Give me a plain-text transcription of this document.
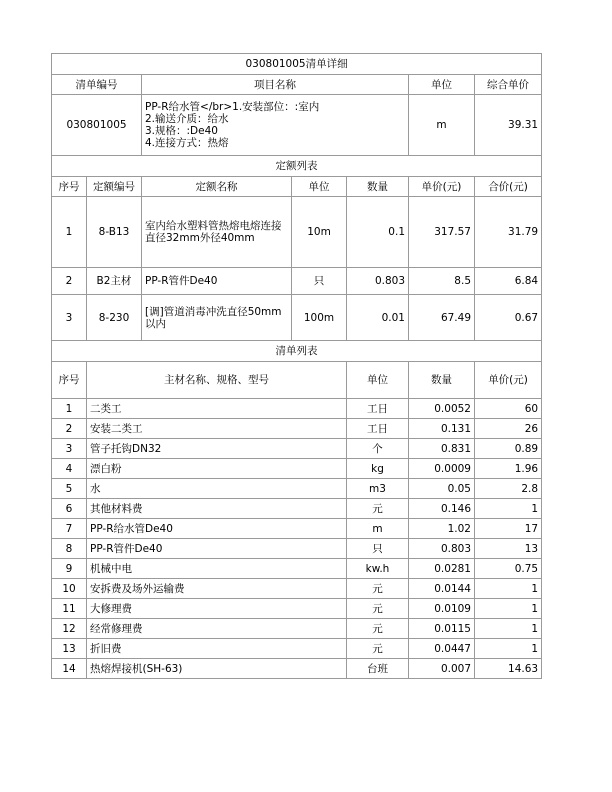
030801005清单详细							
清单编号		项目名称			单位	综合单价	
030801005		PP-R给水管</br>1.安装部位：:室内
2.输送介质：给水
3.规格：:De40
4.连接方式：热熔			m	39.31	
定额列表							
序号	定额编号	定额名称	单位	数量	单价(元)	合价(元)	
1	8-B13	室内给水塑料管热熔电熔连接直径32mm外径40mm	10m	0.1	317.57	31.79	
2	B2主材	PP-R管件De40	只	0.803	8.5	6.84	
3	8-230	[调]管道消毒冲洗直径50mm以内	100m	0.01	67.49	0.67	
清单列表							
序号	主材名称、规格、型号			单位	数量	单价(元)	
1	二类工			工日	0.0052	60	
2	安装二类工			工日	0.131	26	
3	管子托钩DN32			个	0.831	0.89	
4	漂白粉			kg	0.0009	1.96	
5	水			m3	0.05	2.8	
6	其他材料费			元	0.146	1	
7	PP-R给水管De40			m	1.02	17	
8	PP-R管件De40			只	0.803	13	
9	机械中电			kw.h	0.0281	0.75	
10	安拆费及场外运输费			元	0.0144	1	
11	大修理费			元	0.0109	1	
12	经常修理费			元	0.0115	1	
13	折旧费			元	0.0447	1	
14	热熔焊接机(SH-63)			台班	0.007	14.63	
